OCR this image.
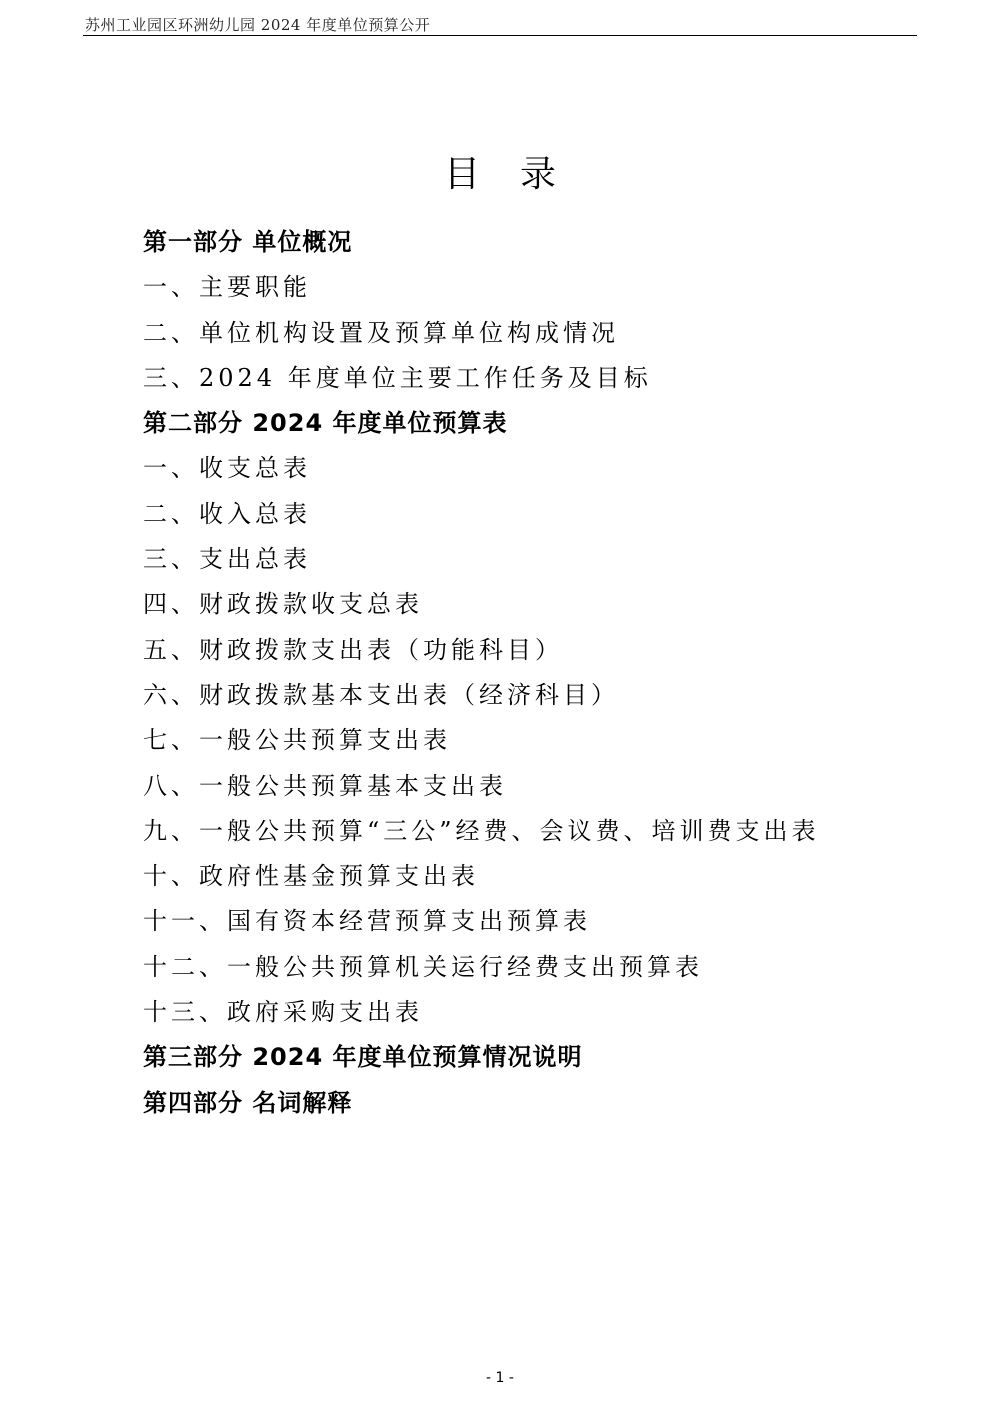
苏州工业园区环洲幼儿园 2024 年度单位预算公开
目录
第一部分 单位概况
一、主要职能
二、单位机构设置及预算单位构成情况
三、2024 年度单位主要工作任务及目标
第二部分 2024 年度单位预算表
一、收支总表
二、收入总表
三、支出总表
四、财政拨款收支总表
五、财政拨款支出表（功能科目）
六、财政拨款基本支出表（经济科目）
七、一般公共预算支出表
八、一般公共预算基本支出表
九、一般公共预算“三公”经费、会议费、培训费支出表
十、政府性基金预算支出表
十一、国有资本经营预算支出预算表
十二、一般公共预算机关运行经费支出预算表
十三、政府采购支出表
第三部分 2024 年度单位预算情况说明
第四部分 名词解释
- 1 -
